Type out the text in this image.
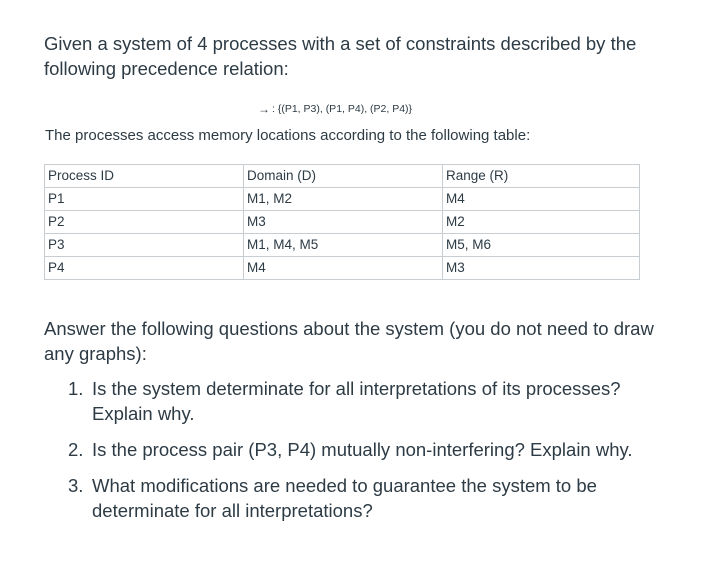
Given a system of 4 processes with a set of constraints described by the following precedence relation:

→ : {(P1, P3), (P1, P4), (P2, P4)}

The processes access memory locations according to the following table:

Process ID	Domain (D)	Range (R)
P1	M1, M2	M4
P2	M3	M2
P3	M1, M4, M5	M5, M6
P4	M4	M3

Answer the following questions about the system (you do not need to draw any graphs):

1. Is the system determinate for all interpretations of its processes? Explain why.
2. Is the process pair (P3, P4) mutually non-interfering? Explain why.
3. What modifications are needed to guarantee the system to be determinate for all interpretations?
